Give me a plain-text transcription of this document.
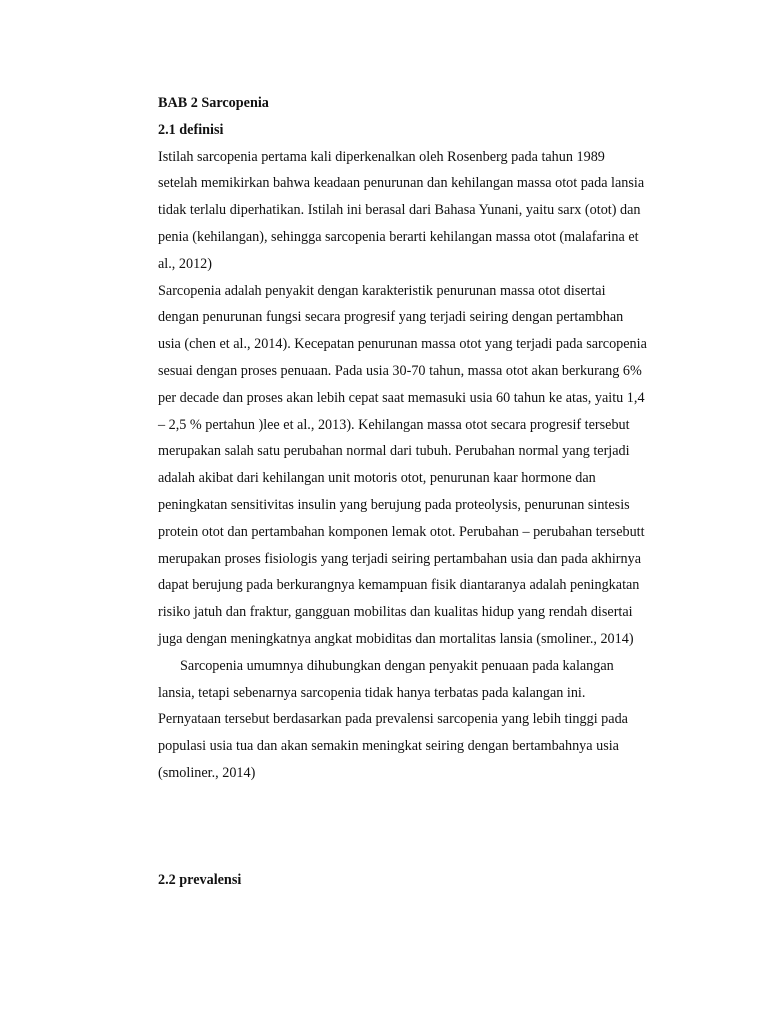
BAB 2 Sarcopenia
2.1 definisi
Istilah sarcopenia pertama kali diperkenalkan oleh Rosenberg pada tahun 1989
setelah memikirkan bahwa keadaan penurunan dan kehilangan massa otot pada lansia
tidak terlalu diperhatikan. Istilah ini berasal dari Bahasa Yunani, yaitu sarx (otot) dan
penia (kehilangan), sehingga sarcopenia berarti kehilangan massa otot (malafarina et
al., 2012)
Sarcopenia adalah penyakit dengan karakteristik penurunan massa otot disertai
dengan penurunan fungsi secara progresif yang terjadi seiring dengan pertambhan
usia (chen et al., 2014). Kecepatan penurunan massa otot yang terjadi pada sarcopenia
sesuai dengan proses penuaan. Pada usia 30-70 tahun, massa otot akan berkurang 6%
per decade dan proses akan lebih cepat saat memasuki usia 60 tahun ke atas, yaitu 1,4
– 2,5 % pertahun )lee et al., 2013). Kehilangan massa otot secara progresif tersebut
merupakan salah satu perubahan normal dari tubuh. Perubahan normal yang terjadi
adalah akibat dari kehilangan unit motoris otot, penurunan kaar hormone dan
peningkatan sensitivitas insulin yang berujung pada proteolysis, penurunan sintesis
protein otot dan pertambahan komponen lemak otot. Perubahan – perubahan tersebutt
merupakan proses fisiologis yang terjadi seiring pertambahan usia dan pada akhirnya
dapat berujung pada berkurangnya kemampuan fisik diantaranya adalah peningkatan
risiko jatuh dan fraktur, gangguan mobilitas dan kualitas hidup yang rendah disertai
juga dengan meningkatnya angkat mobiditas dan mortalitas lansia (smoliner., 2014)
Sarcopenia umumnya dihubungkan dengan penyakit penuaan pada kalangan
lansia, tetapi sebenarnya sarcopenia tidak hanya terbatas pada kalangan ini.
Pernyataan tersebut berdasarkan pada prevalensi sarcopenia yang lebih tinggi pada
populasi usia tua dan akan semakin meningkat seiring dengan bertambahnya usia
(smoliner., 2014)
2.2 prevalensi
